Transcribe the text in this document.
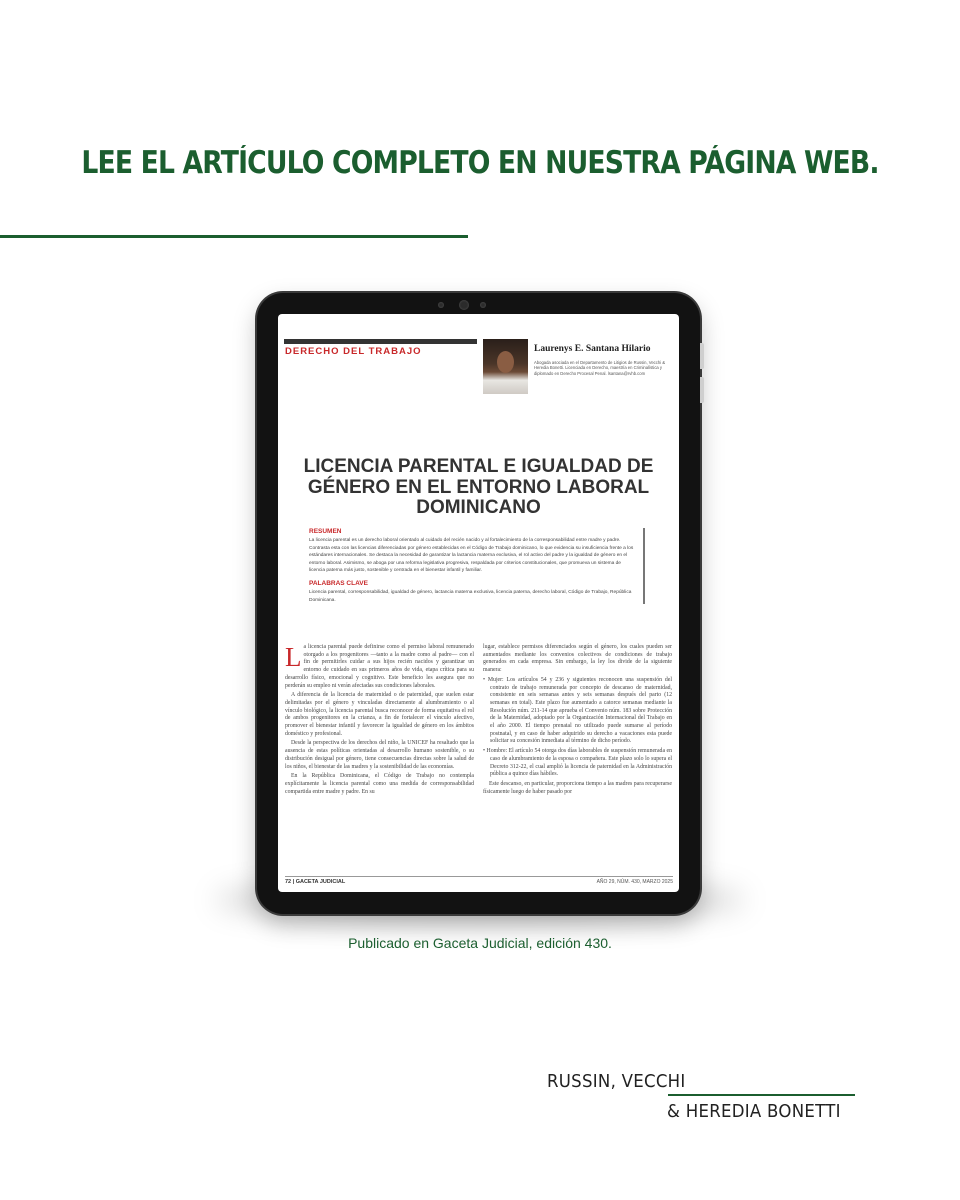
LEE EL ARTÍCULO COMPLETO EN NUESTRA PÁGINA WEB.
DERECHO DEL TRABAJO	Laurenys E. Santana Hilario
Abogada asociada en el Departamento de Litigios de Russin, Vecchi & Heredia Bonetti. Licenciada en Derecho, maestría en Criminalística y diplomado en Derecho Procesal Penal. lsantana@rvhb.com
LICENCIA PARENTAL E IGUALDAD DE GÉNERO EN EL ENTORNO LABORAL DOMINICANO
RESUMEN
La licencia parental es un derecho laboral orientado al cuidado del recién nacido y al fortalecimiento de la corresponsabilidad entre madre y padre. Contrasta esta con las licencias diferenciadas por género establecidas en el Código de Trabajo dominicano, lo que evidencia su insuficiencia frente a los estándares internacionales. Se destaca la necesidad de garantizar la lactancia materna exclusiva, el rol activo del padre y la igualdad de género en el entorno laboral. Asimismo, se aboga por una reforma legislativa progresiva, respaldada por criterios constitucionales, que promueva un sistema de licencia paterna más justo, sostenible y centrada en el bienestar infantil y familiar.
PALABRAS CLAVE
Licencia parental, corresponsabilidad, igualdad de género, lactancia materna exclusiva, licencia paterna, derecho laboral, Código de Trabajo, República Dominicana.

La licencia parental puede definirse como el permiso laboral remunerado otorgado a los progenitores —tanto a la madre como al padre— con el fin de permitirles cuidar a sus hijos recién nacidos y garantizar un entorno de cuidado en sus primeros años de vida, etapa crítica para su desarrollo físico, emocional y cognitivo. Este beneficio les asegura que no perderán su empleo ni verán afectadas sus condiciones laborales.

A diferencia de la licencia de maternidad o de paternidad, que suelen estar delimitadas por el género y vinculadas directamente al alumbramiento o al vínculo biológico, la licencia parental busca reconocer de forma equitativa el rol de ambos progenitores en la crianza, a fin de fortalecer el vínculo afectivo, promover el bienestar infantil y favorecer la igualdad de género en los ámbitos doméstico y profesional.

Desde la perspectiva de los derechos del niño, la UNICEF ha resaltado que la ausencia de estas políticas orientadas al desarrollo humano sostenible, o su distribución desigual por género, tiene consecuencias directas sobre la salud de los niños, el bienestar de las madres y la sostenibilidad de las economías.

En la República Dominicana, el Código de Trabajo no contempla explícitamente la licencia parental como una medida de corresponsabilidad compartida entre madre y padre. En su

lugar, establece permisos diferenciados según el género, los cuales pueden ser aumentados mediante los convenios colectivos de condiciones de trabajo generados en cada empresa. Sin embargo, la ley los divide de la siguiente manera:

• Mujer: Los artículos 54 y 236 y siguientes reconocen una suspensión del contrato de trabajo remunerada por concepto de descanso de maternidad, consistente en seis semanas antes y seis semanas después del parto (12 semanas en total). Este plazo fue aumentado a catorce semanas mediante la Resolución núm. 211-14 que aprueba el Convenio núm. 183 sobre Protección de la Maternidad, adoptado por la Organización Internacional del Trabajo en el año 2000. El tiempo prenatal no utilizado puede sumarse al período postnatal, y en caso de haber adquirido su derecho a vacaciones esta puede solicitar su concesión inmediata al término de dicho período.

• Hombre: El artículo 54 otorga dos días laborables de suspensión remunerada en caso de alumbramiento de la esposa o compañera. Este plazo solo lo supera el Decreto 312-22, el cual amplió la licencia de paternidad en la Administración pública a quince días hábiles.

Este descanso, en particular, proporciona tiempo a las madres para recuperarse físicamente luego de haber pasado por

72 | GACETA JUDICIAL	AÑO 29, NÚM. 430, MARZO 2025
Publicado en Gaceta Judicial, edición 430.
RUSSIN, VECCHI
& HEREDIA BONETTI
